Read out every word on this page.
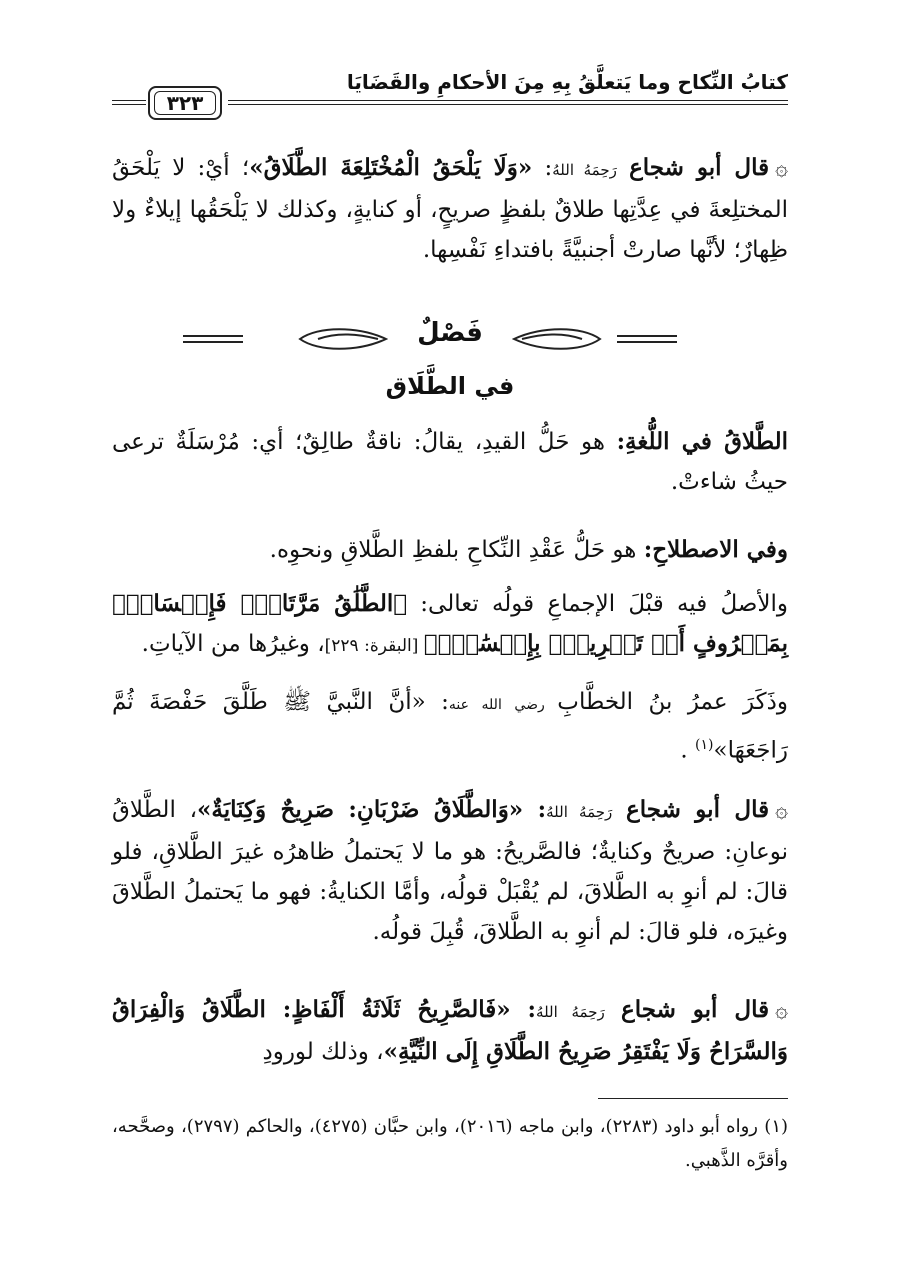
كتابُ النِّكاح وما يَتعلَّقُ بِهِ مِنَ الأحكامِ والقَضَايَا
٣٢٣
۞قال أبو شجاع رَحِمَهُ اللهُ: «وَلَا يَلْحَقُ الْمُخْتَلِعَةَ الطَّلَاقُ»؛ أيْ: لا يَلْحَقُ المختلِعةَ في عِدَّتِها طلاقٌ بلفظٍ صريحٍ، أو كنايةٍ، وكذلك لا يَلْحَقُها إيلاءٌ ولا ظِهارٌ؛ لأنَّها صارتْ أجنبيَّةً بافتداءِ نَفْسِها.
فَصْلٌ
في الطَّلَاق
الطَّلاقُ في اللُّغةِ: هو حَلُّ القيدِ، يقالُ: ناقةٌ طالِقٌ؛ أي: مُرْسَلَةٌ ترعى حيثُ شاءتْ.
وفي الاصطلاحِ: هو حَلُّ عَقْدِ النِّكاحِ بلفظِ الطَّلاقِ ونحوِه.
والأصلُ فيه قبْلَ الإجماعِ قولُه تعالى: ﴿الطَّلَٰقُ مَرَّتَانِۖ فَإِمۡسَاكُۢ بِمَعۡرُوفٍ أَوۡ تَسۡرِيحُۢ بِإِحۡسَٰنٖۗ﴾ [البقرة: ٢٢٩]، وغيرُها من الآياتِ.
وذَكَرَ عمرُ بنُ الخطَّابِ رضي الله عنه: «أنَّ النَّبيَّ ﷺ طَلَّقَ حَفْصَةَ ثُمَّ رَاجَعَهَا»$^{(١)}$ .
۞قال أبو شجاع رَحِمَهُ اللهُ: «وَالطَّلَاقُ ضَرْبَانِ: صَرِيحٌ وَكِنَايَةٌ»، الطَّلاقُ نوعانِ: صريحٌ وكنايةٌ؛ فالصَّريحُ: هو ما لا يَحتملُ ظاهرُه غيرَ الطَّلاقِ، فلو قالَ: لم أنوِ به الطَّلاقَ، لم يُقْبَلْ قولُه، وأمَّا الكنايةُ: فهو ما يَحتملُ الطَّلاقَ وغيرَه، فلو قالَ: لم أنوِ به الطَّلاقَ، قُبِلَ قولُه.
۞قال أبو شجاع رَحِمَهُ اللهُ: «فَالصَّرِيحُ ثَلَاثَةُ أَلْفَاظٍ: الطَّلَاقُ وَالْفِرَاقُ وَالسَّرَاحُ وَلَا يَفْتَقِرُ صَرِيحُ الطَّلَاقِ إِلَى النِّيَّةِ»، وذلك لورودِ
(١) رواه أبو داود (٢٢٨٣)، وابن ماجه (٢٠١٦)، وابن حبَّان (٤٢٧٥)، والحاكم (٢٧٩٧)، وصحَّحه، وأقرَّه الذَّهبي.
